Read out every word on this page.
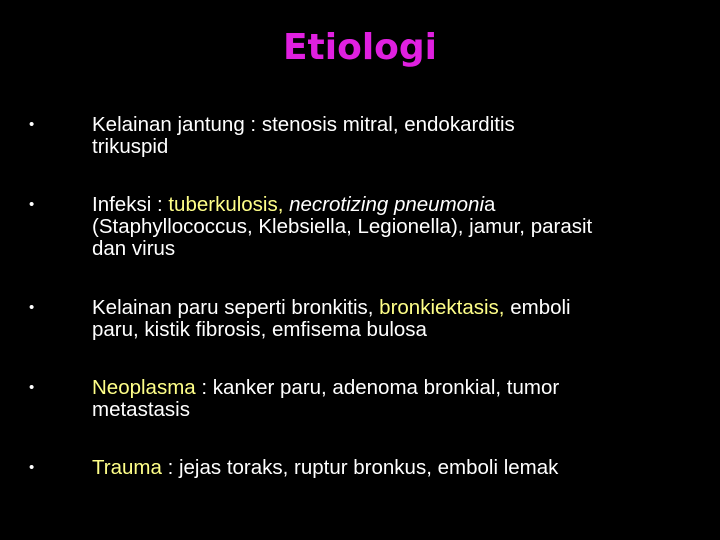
Etiologi
•	Kelainan jantung : stenosis mitral, endokarditis
trikuspid
•	Infeksi : tuberkulosis, necrotizing pneumonia
(Staphyllococcus, Klebsiella, Legionella), jamur, parasit
dan virus
•	Kelainan paru seperti bronkitis, bronkiektasis, emboli
paru, kistik fibrosis, emfisema bulosa
•	Neoplasma : kanker paru, adenoma bronkial, tumor
metastasis
•	Trauma : jejas toraks, ruptur bronkus, emboli lemak
